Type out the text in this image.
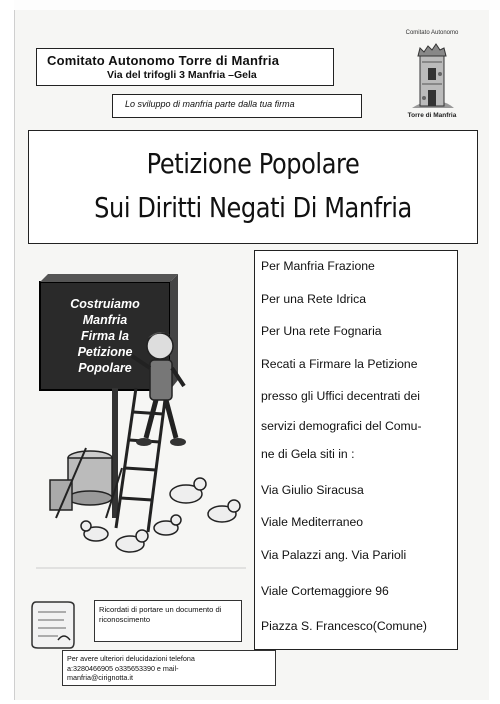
Comitato Autonomo Torre di Manfria
Via del trifogli 3 Manfria –Gela
Lo sviluppo di manfria parte dalla tua firma
Comitato Autonomo
Torre di Manfria
Petizione Popolare
Sui Diritti Negati Di Manfria
Costruiamo
Manfria
Firma la
Petizione
Popolare
Per Manfria Frazione
Per una Rete Idrica
Per Una rete Fognaria
Recati a Firmare la Petizione
presso gli Uffici decentrati dei
servizi demografici del Comu-
ne di Gela siti in :
Via Giulio Siracusa
Viale Mediterraneo
Via Palazzi ang. Via Parioli
Viale Cortemaggiore 96
Piazza S. Francesco(Comune)
Ricordati di portare un documento di riconoscimento
Per avere ulteriori delucidazioni telefona
a:3280466905 o335653390 e mail-
manfria@cirignotta.it
